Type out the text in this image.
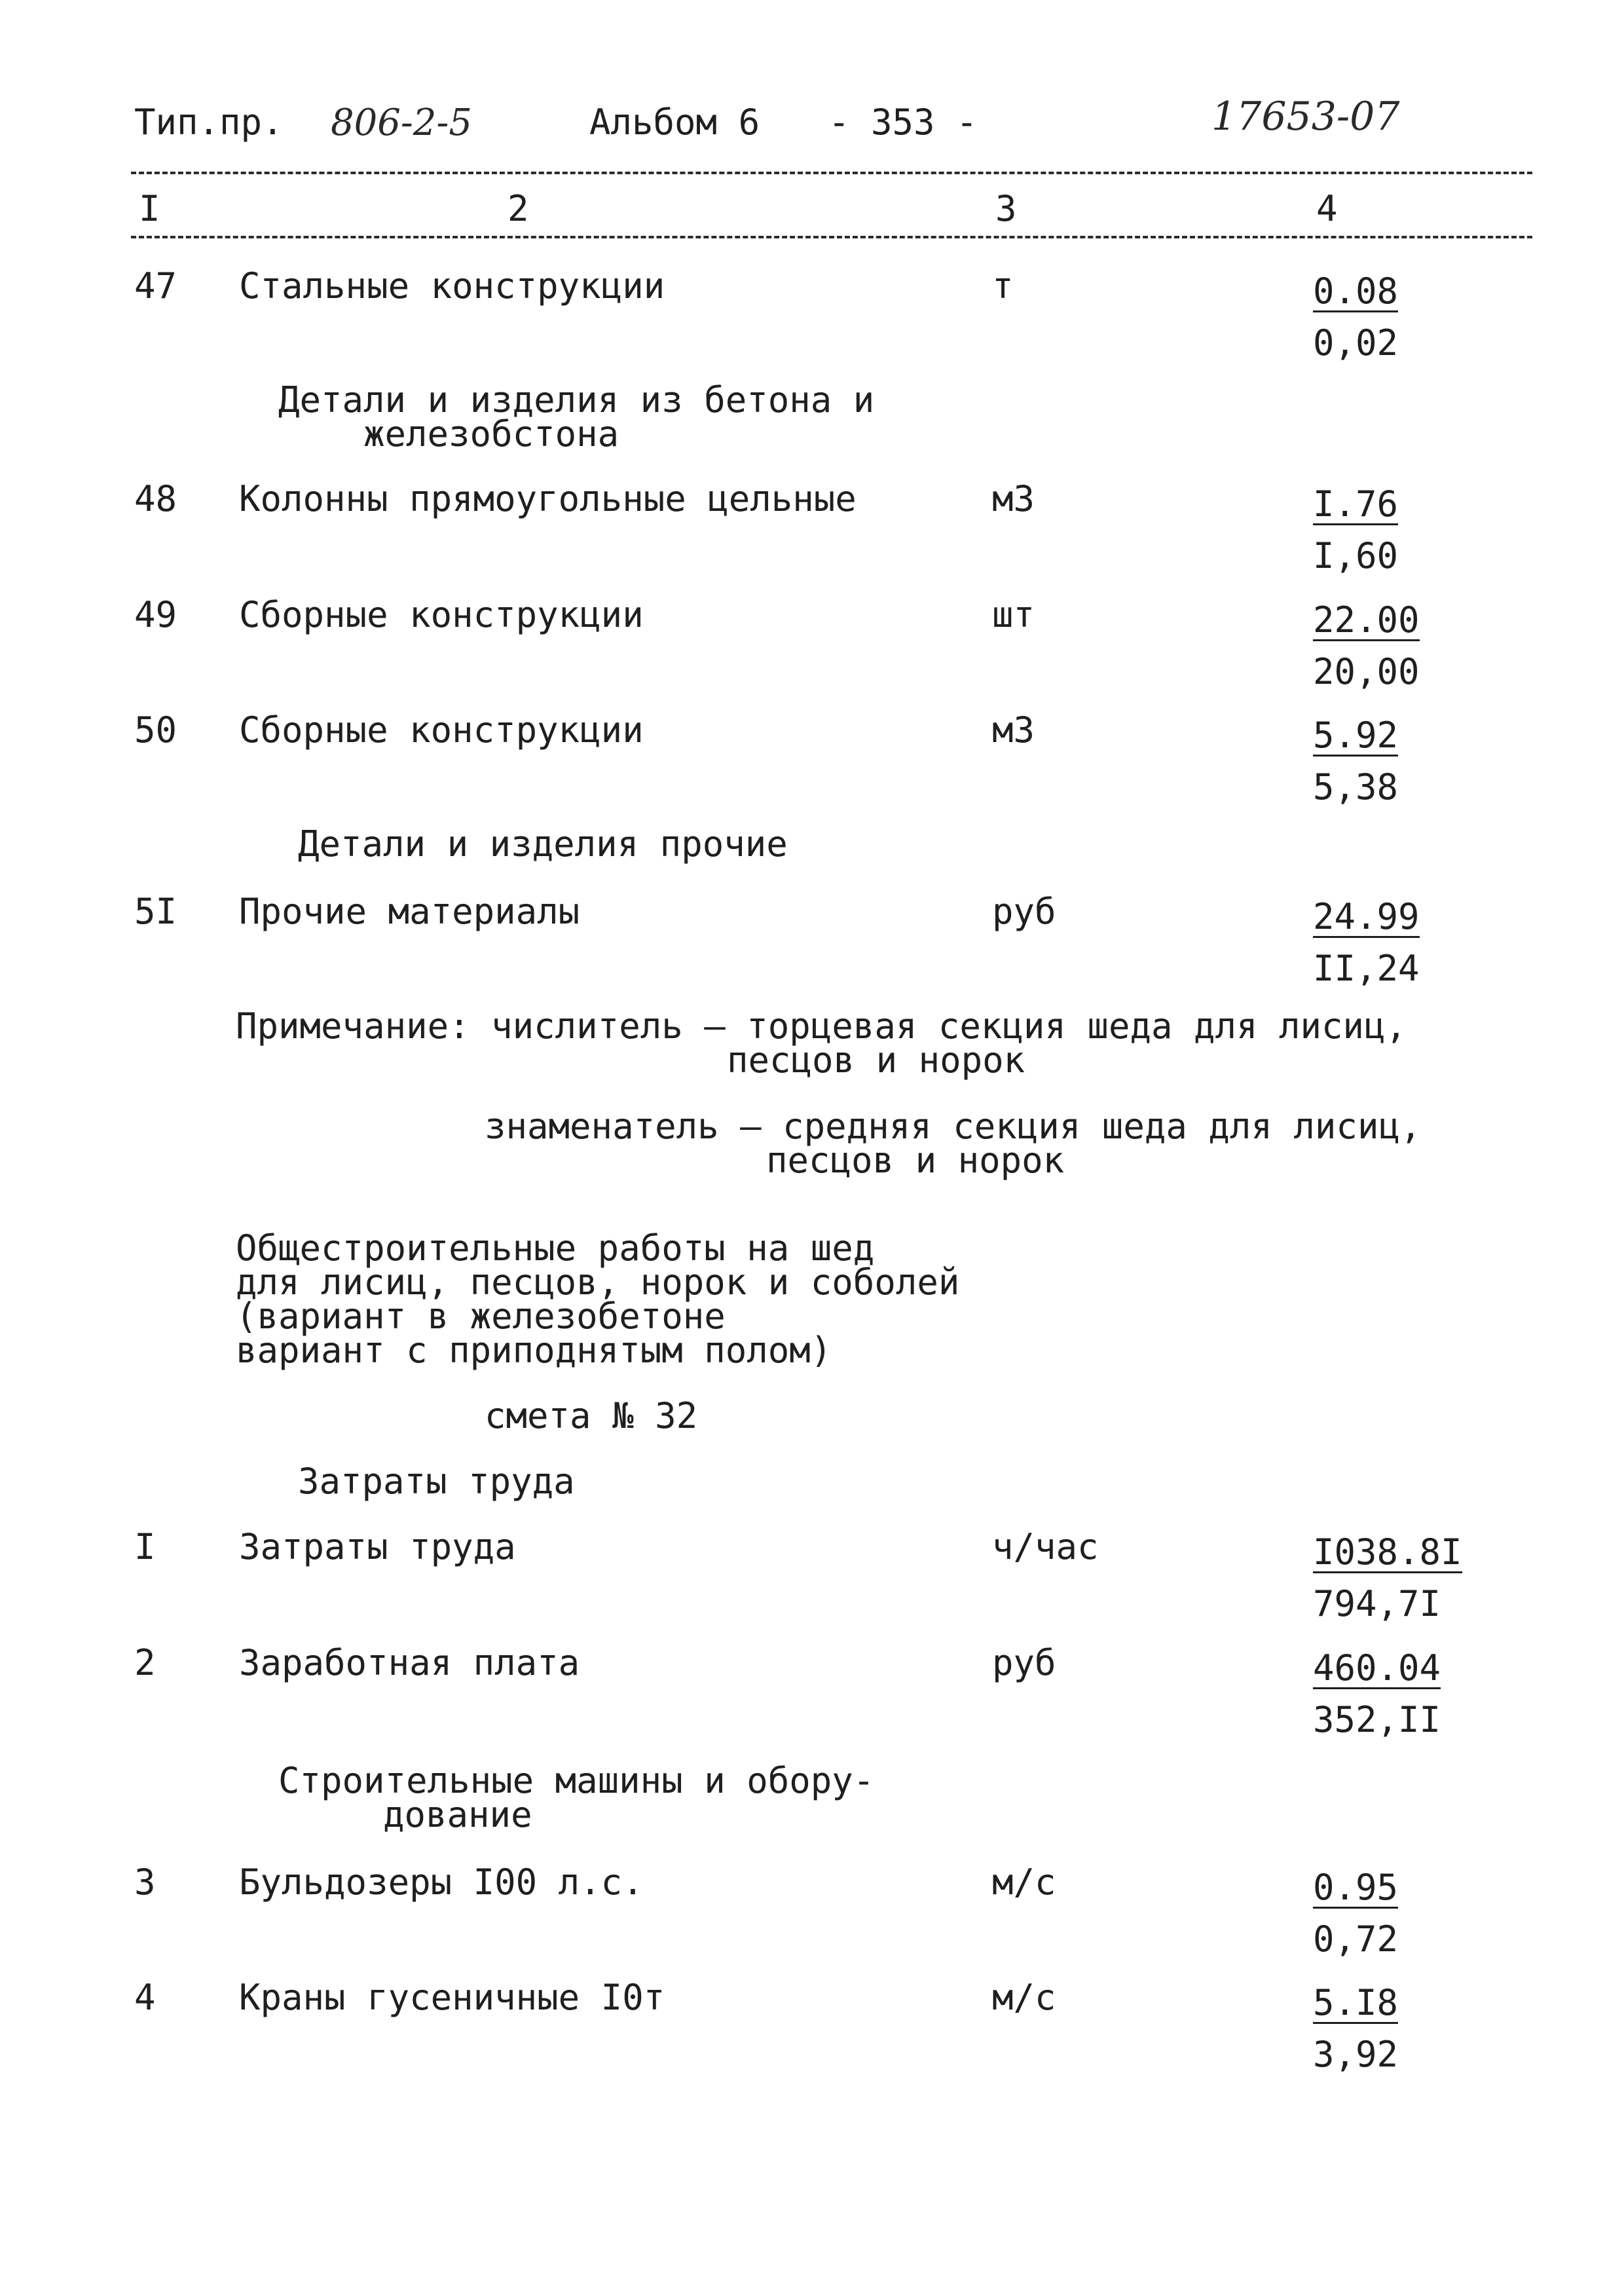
Тип.пр. 806-2-5	Альбом 6 - 353 -	17653-07
I	2	3	4
47 Стальные конструкции	т	$\frac{0.08}{0,02}$
Детали и изделия из бетона и
железобстона
48 Колонны прямоугольные цельные	м3	$\frac{I.76}{I,60}$
49 Сборные конструкции	шт	$\frac{22.00}{20,00}$
50 Сборные конструкции	м3	$\frac{5.92}{5,38}$
Детали и изделия прочие
5I Прочие материалы	руб	$\frac{24.99}{II,24}$
Примечание: числитель – торцевая секция шеда для лисиц,
песцов и норок
знаменатель – средняя секция шеда для лисиц,
песцов и норок
Общестроительные работы на шед
для лисиц, песцов, норок и соболей
(вариант в железобетоне
вариант с приподнятым полом)
смета № 32
Затраты труда
I Затраты труда	ч/час	$\frac{I038.8I}{794,7I}$
2 Заработная плата	руб	$\frac{460.04}{352,II}$
Строительные машины и обору-
дование
3 Бульдозеры I00 л.с.	м/с	$\frac{0.95}{0,72}$
4 Краны гусеничные I0т	м/с	$\frac{5.I8}{3,92}$
